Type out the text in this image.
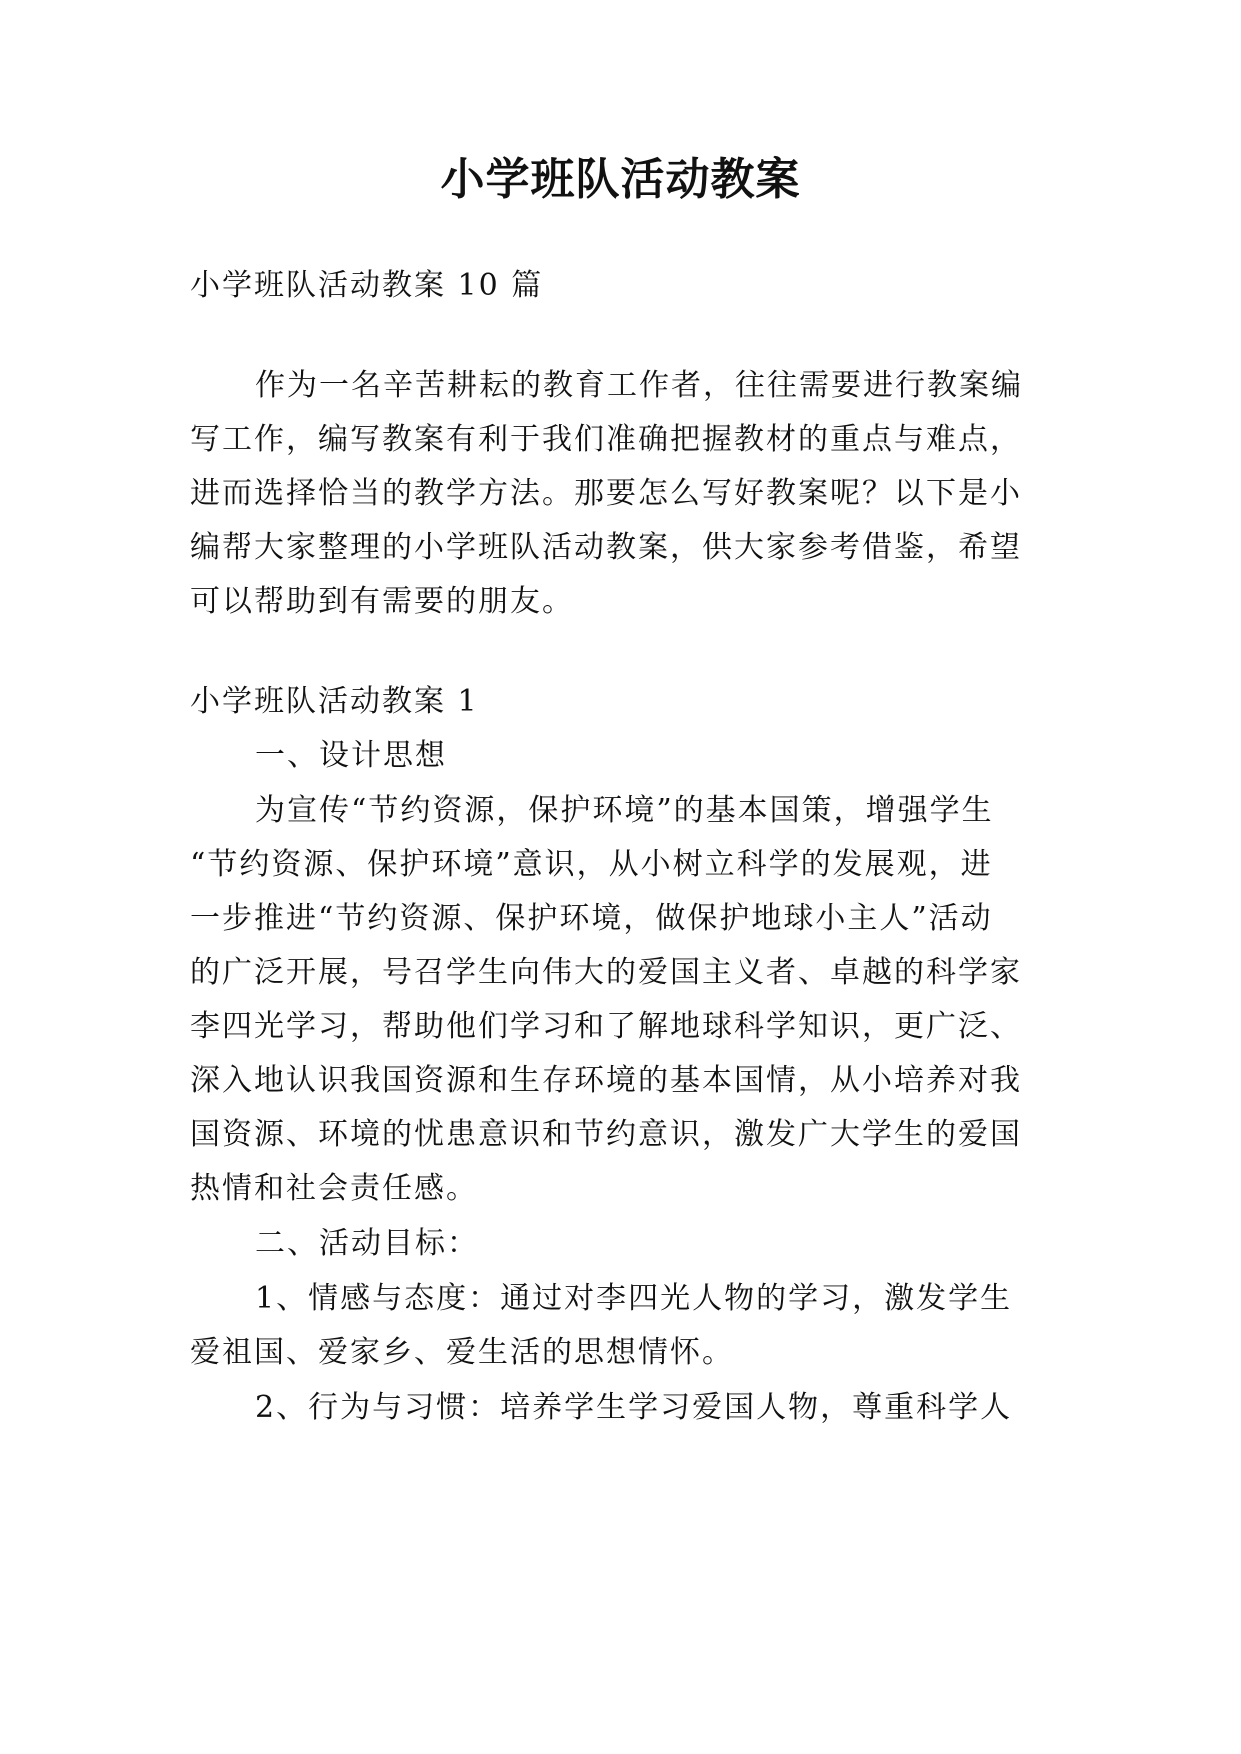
小学班队活动教案
小学班队活动教案 10 篇
作为一名辛苦耕耘的教育工作者，往往需要进行教案编
写工作，编写教案有利于我们准确把握教材的重点与难点，
进而选择恰当的教学方法。那要怎么写好教案呢？以下是小
编帮大家整理的小学班队活动教案，供大家参考借鉴，希望
可以帮助到有需要的朋友。
小学班队活动教案 1
一、设计思想
为宣传“节约资源，保护环境”的基本国策，增强学生
“节约资源、保护环境”意识，从小树立科学的发展观，进
一步推进“节约资源、保护环境，做保护地球小主人”活动
的广泛开展，号召学生向伟大的爱国主义者、卓越的科学家
李四光学习，帮助他们学习和了解地球科学知识，更广泛、
深入地认识我国资源和生存环境的基本国情，从小培养对我
国资源、环境的忧患意识和节约意识，激发广大学生的爱国
热情和社会责任感。
二、活动目标：
1、情感与态度：通过对李四光人物的学习，激发学生
爱祖国、爱家乡、爱生活的思想情怀。
2、行为与习惯：培养学生学习爱国人物，尊重科学人
